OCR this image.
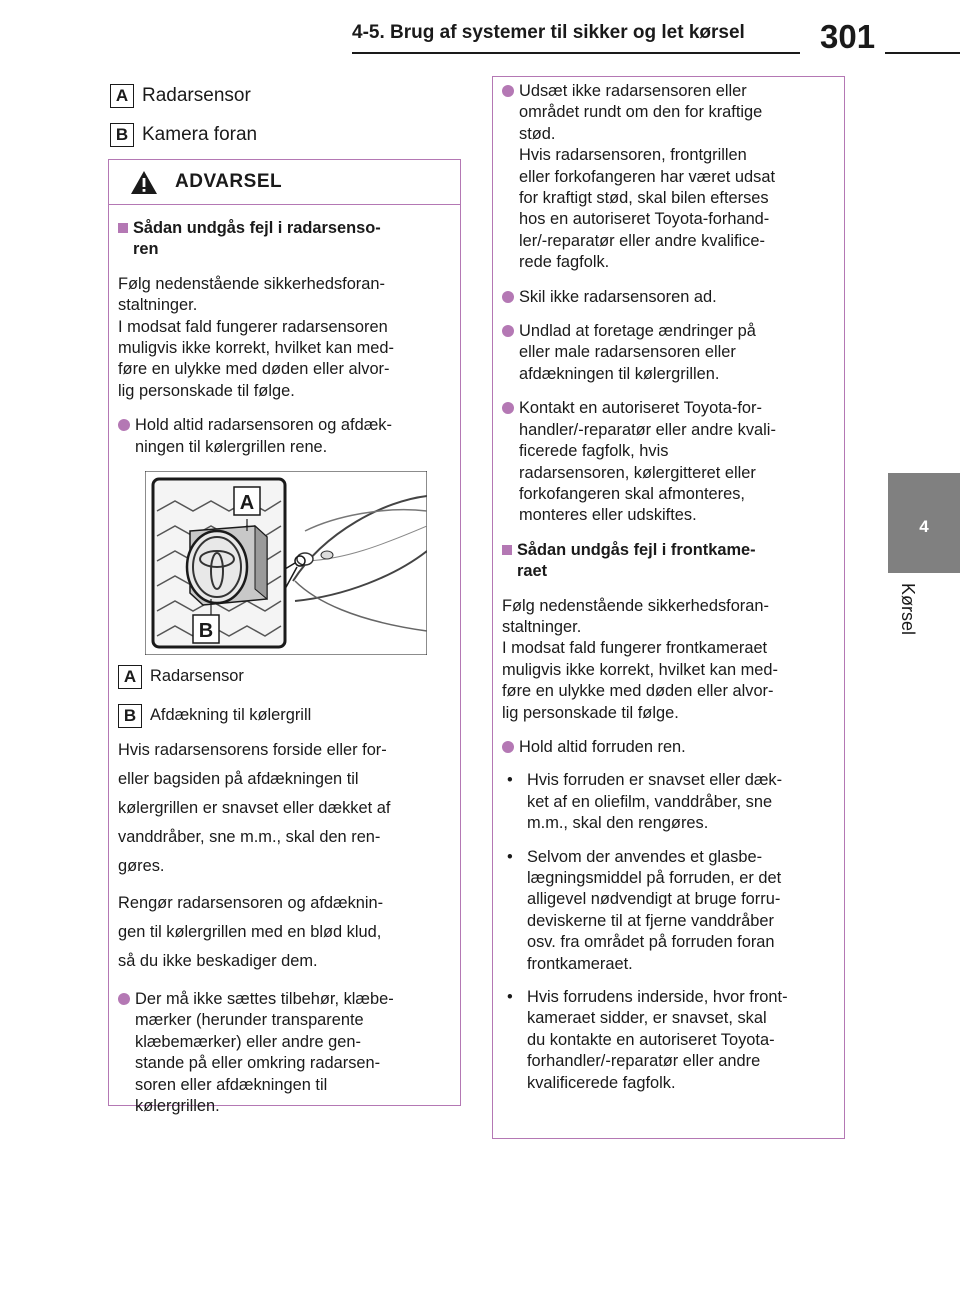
4-5. Brug af systemer til sikker og let kørsel 301
4
Kørsel
A Radarsensor
B Kamera foran
ADVARSEL
Sådan undgås fejl i radarsenso-
ren
Følg nedenstående sikkerhedsforan-
staltninger.
I modsat fald fungerer radarsensoren
muligvis ikke korrekt, hvilket kan med-
føre en ulykke med døden eller alvor-
lig personskade til følge.
Hold altid radarsensoren og afdæk-
ningen til kølergrillen rene.
A
B
A Radarsensor
B Afdækning til kølergrill
Hvis radarsensorens forside eller for-
eller bagsiden på afdækningen til
kølergrillen er snavset eller dækket af
vanddråber, sne m.m., skal den ren-
gøres.
Rengør radarsensoren og afdæknin-
gen til kølergrillen med en blød klud,
så du ikke beskadiger dem.
Der må ikke sættes tilbehør, klæbe-
mærker (herunder transparente
klæbemærker) eller andre gen-
stande på eller omkring radarsen-
soren eller afdækningen til
kølergrillen.
Udsæt ikke radarsensoren eller
området rundt om den for kraftige
stød.
Hvis radarsensoren, frontgrillen
eller forkofangeren har været udsat
for kraftigt stød, skal bilen efterses
hos en autoriseret Toyota-forhand-
ler/-reparatør eller andre kvalifice-
rede fagfolk.
Skil ikke radarsensoren ad.
Undlad at foretage ændringer på
eller male radarsensoren eller
afdækningen til kølergrillen.
Kontakt en autoriseret Toyota-for-
handler/-reparatør eller andre kvali-
ficerede fagfolk, hvis
radarsensoren, kølergitteret eller
forkofangeren skal afmonteres,
monteres eller udskiftes.
Sådan undgås fejl i frontkame-
raet
Følg nedenstående sikkerhedsforan-
staltninger.
I modsat fald fungerer frontkameraet
muligvis ikke korrekt, hvilket kan med-
føre en ulykke med døden eller alvor-
lig personskade til følge.
Hold altid forruden ren.
• Hvis forruden er snavset eller dæk-
ket af en oliefilm, vanddråber, sne
m.m., skal den rengøres.
• Selvom der anvendes et glasbe-
lægningsmiddel på forruden, er det
alligevel nødvendigt at bruge forru-
deviskerne til at fjerne vanddråber
osv. fra området på forruden foran
frontkameraet.
• Hvis forrudens inderside, hvor front-
kameraet sidder, er snavset, skal
du kontakte en autoriseret Toyota-
forhandler/-reparatør eller andre
kvalificerede fagfolk.
